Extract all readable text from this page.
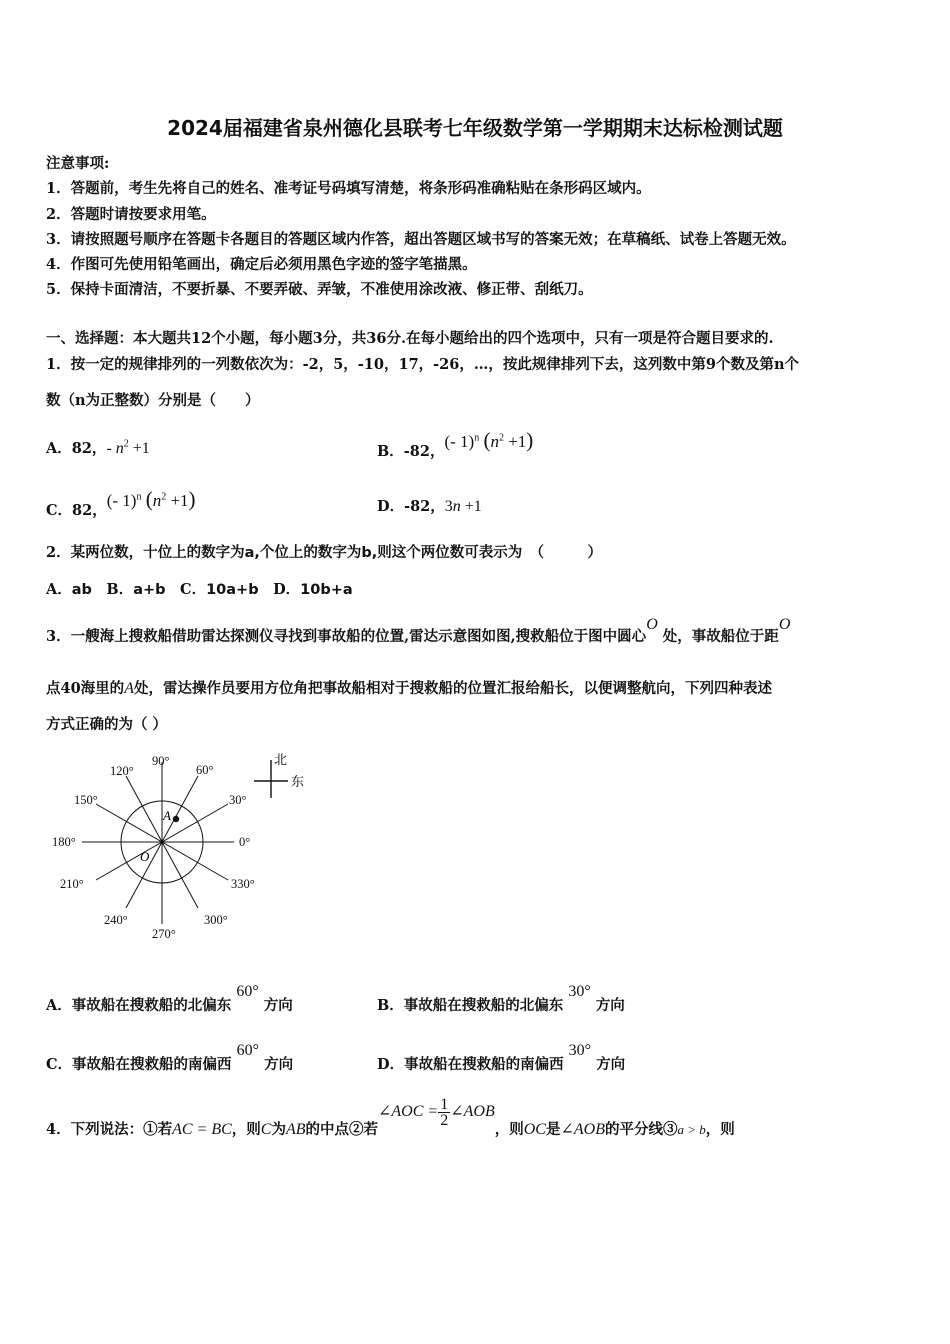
2024届福建省泉州德化县联考七年级数学第一学期期末达标检测试题
注意事项:
1．答题前，考生先将自己的姓名、准考证号码填写清楚，将条形码准确粘贴在条形码区域内。
2．答题时请按要求用笔。
3．请按照题号顺序在答题卡各题目的答题区域内作答，超出答题区域书写的答案无效；在草稿纸、试卷上答题无效。
4．作图可先使用铅笔画出，确定后必须用黑色字迹的签字笔描黑。
5．保持卡面清洁，不要折暴、不要弄破、弄皱，不准使用涂改液、修正带、刮纸刀。
一、选择题：本大题共12个小题，每小题3分，共36分.在每小题给出的四个选项中，只有一项是符合题目要求的.
1．按一定的规律排列的一列数依次为：-2，5，-10，17，-26，…，按此规律排列下去，这列数中第9个数及第n个
数（n为正整数）分别是（　　）
A．82，- $n^2 +1$	B．-82，(- 1)$^n$ $(n^2 +1)$
C．82，(- 1)$^n$ $(n^2 +1)$	D．-82，3n +1
2．某两位数，十位上的数字为a,个位上的数字为b,则这个两位数可表示为　（　　　）
A．ab　B．a+b　C．10a+b　D．10b+a
3．一艘海上搜救船借助雷达探测仪寻找到事故船的位置,雷达示意图如图,搜救船位于图中圆心O 处，事故船位于距O
点40海里的A处，雷达操作员要用方位角把事故船相对于搜救船的位置汇报给船长，以便调整航向，下列四种表述
方式正确的为（ ）
A
O
90°
60°
120°
30°
150°
180°	0°
210°	330°
240°	300°
270°
北
东
A．事故船在搜救船的北偏东 60° 方向	B．事故船在搜救船的北偏东 30° 方向
C．事故船在搜救船的南偏西 60° 方向	D．事故船在搜救船的南偏西 30° 方向
4．下列说法：①若AC = BC，则C为AB的中点②若∠AOC = $\frac{1}{2}$ ∠AOB，则OC是∠AOB的平分线③a > b，则
